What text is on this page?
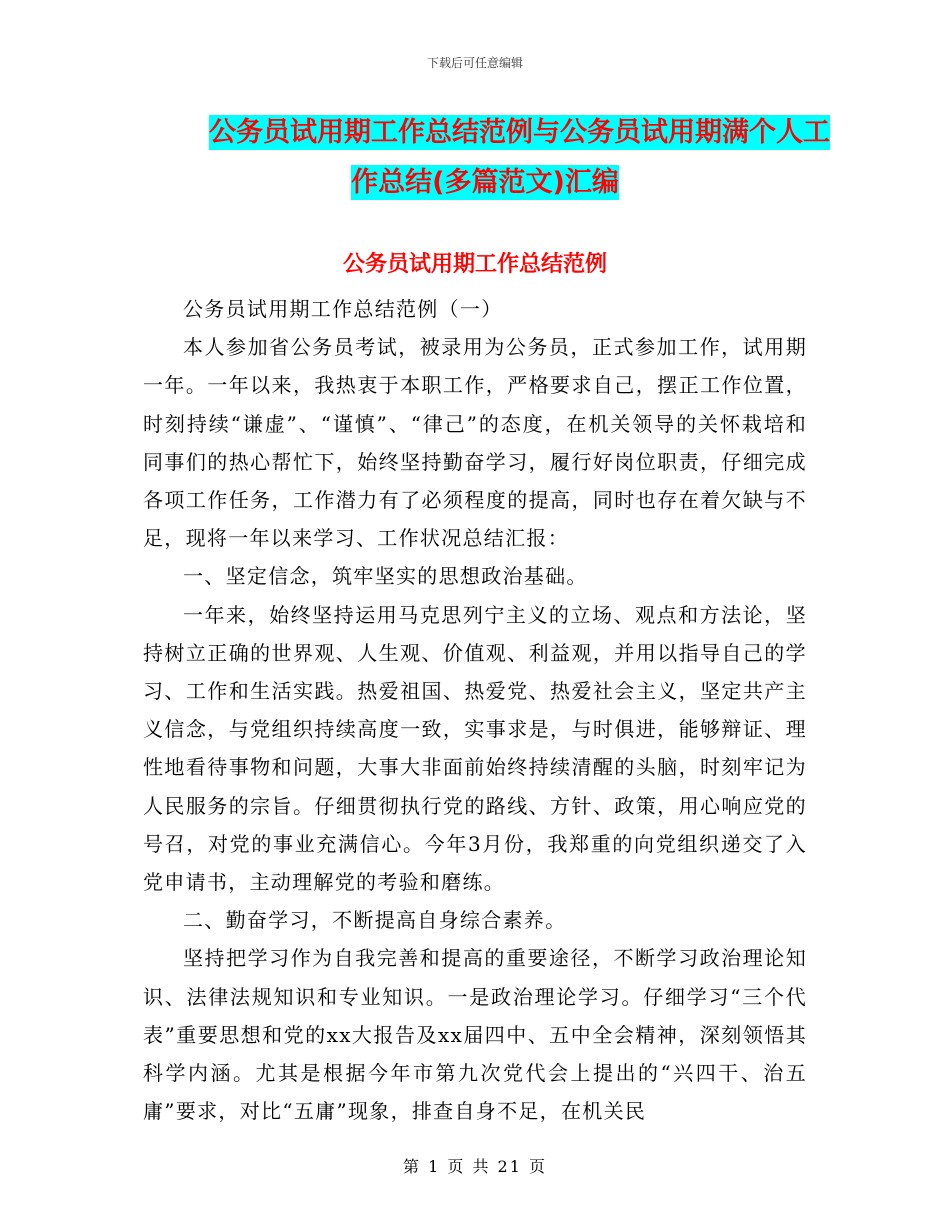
下载后可任意编辑
公务员试用期工作总结范例与公务员试用期满个人工
作总结(多篇范文)汇编
公务员试用期工作总结范例

公务员试用期工作总结范例（一）

本人参加省公务员考试，被录用为公务员，正式参加工作，试用期一年。一年以来，我热衷于本职工作，严格要求自己，摆正工作位置，时刻持续“谦虚”、“谨慎”、“律己”的态度，在机关领导的关怀栽培和同事们的热心帮忙下，始终坚持勤奋学习，履行好岗位职责，仔细完成各项工作任务，工作潜力有了必须程度的提高，同时也存在着欠缺与不足，现将一年以来学习、工作状况总结汇报：

一、坚定信念，筑牢坚实的思想政治基础。

一年来，始终坚持运用马克思列宁主义的立场、观点和方法论，坚持树立正确的世界观、人生观、价值观、利益观，并用以指导自己的学习、工作和生活实践。热爱祖国、热爱党、热爱社会主义，坚定共产主义信念，与党组织持续高度一致，实事求是，与时俱进，能够辩证、理性地看待事物和问题，大事大非面前始终持续清醒的头脑，时刻牢记为人民服务的宗旨。仔细贯彻执行党的路线、方针、政策，用心响应党的号召，对党的事业充满信心。今年3月份，我郑重的向党组织递交了入党申请书，主动理解党的考验和磨练。

二、勤奋学习，不断提高自身综合素养。

坚持把学习作为自我完善和提高的重要途径，不断学习政治理论知识、法律法规知识和专业知识。一是政治理论学习。仔细学习“三个代表”重要思想和党的xx大报告及xx届四中、五中全会精神，深刻领悟其科学内涵。尤其是根据今年市第九次党代会上提出的“兴四干、治五庸”要求，对比“五庸”现象，排查自身不足，在机关民

第 1 页 共 21 页
